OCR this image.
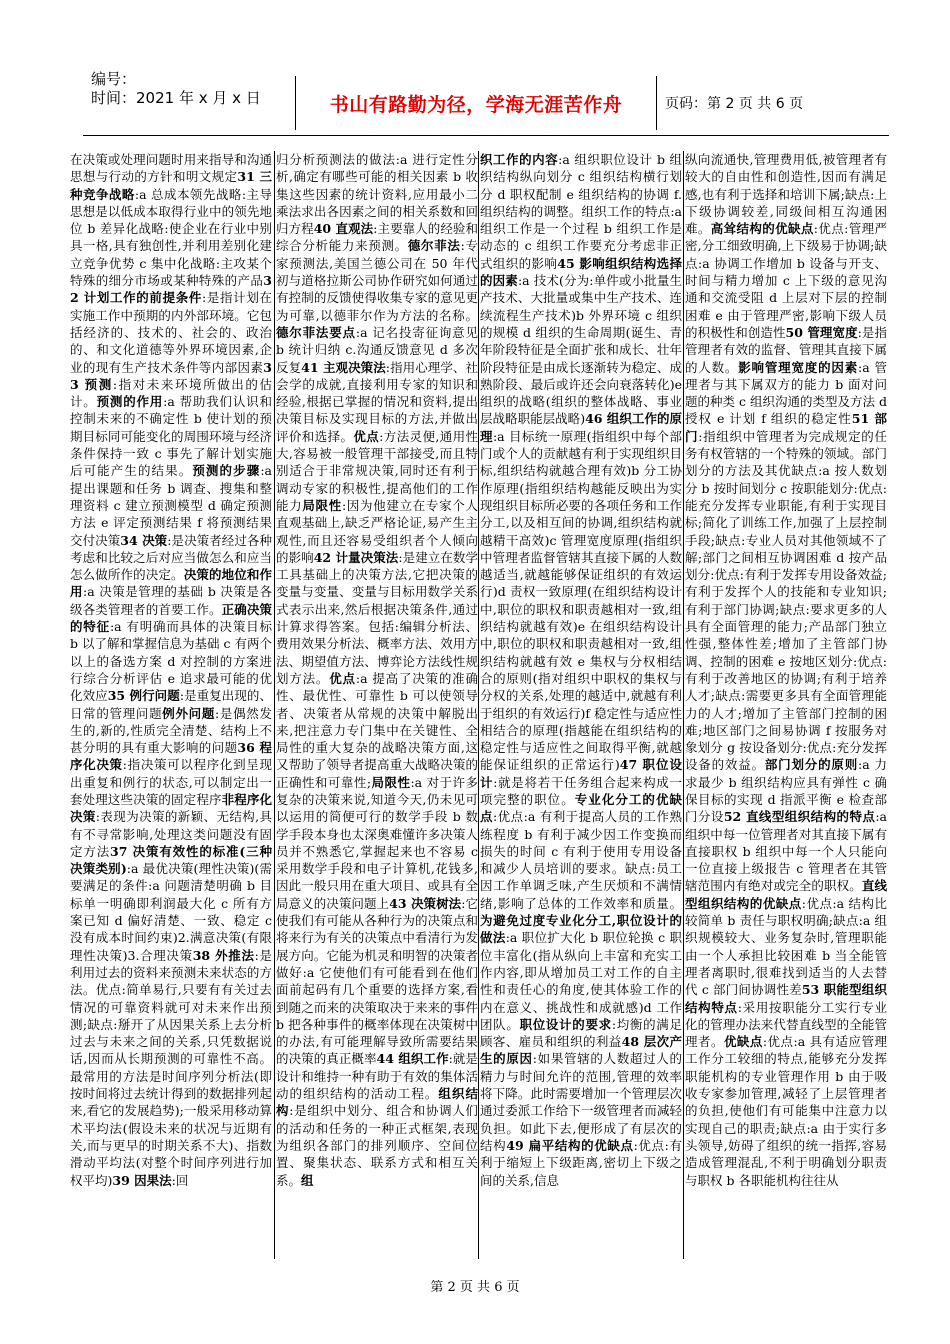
编号：
时间：2021 年 x 月 x 日	书山有路勤为径，学海无涯苦作舟	页码：第 2 页 共 6 页
在决策或处理问题时用来指导和沟通思想与行动的方针和明文规定31 三种竞争战略:a 总成本领先战略:主导思想是以低成本取得行业中的领先地位 b 差异化战略:使企业在行业中别具一格,具有独创性,并利用差别化建立竞争优势 c 集中化战略:主攻某个特殊的细分市场或某种特殊的产品32 计划工作的前提条件:是指计划在实施工作中预期的内外部环境。它包括经济的、技术的、社会的、政治的、和文化道德等外界环境因素,企业的现有生产技术条件等内部因素33 预测:指对未来环境所做出的估计。预测的作用:a 帮助我们认识和控制未来的不确定性 b 使计划的预期目标同可能变化的周围环境与经济条件保持一致 c 事先了解计划实施后可能产生的结果。预测的步骤:a 提出课题和任务 b 调查、搜集和整理资料 c 建立预测模型 d 确定预测方法 e 评定预测结果 f 将预测结果交付决策34 决策:是决策者经过各种考虑和比较之后对应当做怎么和应当怎么做所作的决定。决策的地位和作用:a 决策是管理的基础 b 决策是各级各类管理者的首要工作。正确决策的特征:a 有明确而具体的决策目标 b 以了解和掌握信息为基础 c 有两个以上的备选方案 d 对控制的方案进行综合分析评估 e 追求最可能的优化效应35 例行问题:是重复出现的、日常的管理问题例外问题:是偶然发生的,新的,性质完全清楚、结构上不甚分明的具有重大影响的问题36 程序化决策:指决策可以程序化到呈现出重复和例行的状态,可以制定出一套处理这些决策的固定程序非程序化决策:表现为决策的新颖、无结构,具有不寻常影响,处理这类问题没有固定方法37 决策有效性的标准(三种决策类别):a 最优决策(理性决策)(需要满足的条件:a 问题清楚明确 b 目标单一明确即利润最大化 c 所有方案已知 d 偏好清楚、一致、稳定 c 没有成本时间约束)2.满意决策(有限理性决策)3.合理决策38 外推法:是利用过去的资料来预测未来状态的方法。优点:简单易行,只要有有关过去情况的可靠资料就可对未来作出预测;缺点:掰开了从因果关系上去分析过去与未来之间的关系,只凭数据说话,因而从长期预测的可靠性不高。最常用的方法是时间序列分析法(即按时间将过去统计得到的数据排列起来,看它的发展趋势);一般采用移动算术平均法(假设未来的状况与近期有关,而与更早的时期关系不大)、指数滑动平均法(对整个时间序列进行加权平均)39 因果法:回
归分析预测法的做法:a 进行定性分析,确定有哪些可能的相关因素 b 收集这些因素的统计资料,应用最小二乘法求出各因素之间的相关系数和回归方程40 直观法:主要靠人的经验和综合分析能力来预测。德尔菲法:专家预测法,美国兰德公司在 50 年代初与道格拉斯公司协作研究如何通过有控制的反馈使得收集专家的意见更为可靠,以德菲尔作为方法的名称。德尔菲法要点:a 记名投寄征询意见 b 统计归纳 c.沟通反馈意见 d 多次反复41 主观决策法:指用心理学、社会学的成就,直接利用专家的知识和经验,根据已掌握的情况和资料,提出决策目标及实现目标的方法,并做出评价和选择。优点:方法灵便,通用性大,容易被一般管理干部接受,而且特别适合于非常规决策,同时还有利于调动专家的积极性,提高他们的工作能力局限性:因为他建立在专家个人直观基础上,缺乏严格论证,易产生主观性,而且还容易受组织者个人倾向的影响42 计量决策法:是建立在数学工具基础上的决策方法,它把决策的变量与变量、变量与目标用数学关系式表示出来,然后根据决策条件,通过计算求得答案。包括:编辑分析法、费用效果分析法、概率方法、效用方法、期望值方法、博弈论方法线性规划方法。优点:a 提高了决策的准确性、最优性、可靠性 b 可以使领导者、决策者从常规的决策中解脱出来,把注意力专门集中在关键性、全局性的重大复杂的战略决策方面,这又帮助了领导者提高重大战略决策的正确性和可靠性;局限性:a 对于许多复杂的决策来说,知道今天,仍未见可以运用的简便可行的数学手段 b 数学手段本身也太深奥难懂许多决策人员并不熟悉它,掌握起来也不容易 c 采用数学手段和电子计算机,花钱多,因此一般只用在重大项目、或具有全局意义的决策问题上43 决策树法:它使我们有可能从各种行为的决策点和将来行为有关的决策点中看清行为发展方向。它能为机灵和明智的决策者做好:a 它使他们有可能看到在他们面前起码有几个重要的选择方案,看到随之而来的决策取决于来来的事件 b 把各种事件的概率体现在决策树中的办法,有可能理解导致所需要结果的决策的真正概率44 组织工作:就是设计和维持一种有助于有效的集体活动的组织结构的活动工程。组织结构:是组织中划分、组合和协调人们的活动和任务的一种正式框架,表现为组织各部门的排列顺序、空间位置、聚集状态、联系方式和相互关系。组
织工作的内容:a 组织职位设计 b 组织结构纵向划分 c 组织结构横行划分 d 职权配制 e 组织结构的协调 f.组织结构的调整。组织工作的特点:a 组织工作是一个过程 b 组织工作是动态的 c 组织工作要充分考虑非正式组织的影响45 影响组织结构选择的因素:a 技术(分为:单件或小批量生产技术、大批量或集中生产技术、连续流程生产技术)b 外界环境 c 组织的规模 d 组织的生命周期(诞生、青年阶段特征是全面扩张和成长、壮年阶段特征是由成长逐渐转为稳定、成熟阶段、最后或许还会向衰落转化)e 组织的战略(组织的整体战略、事业层战略职能层战略)46 组织工作的原理:a 目标统一原理(指组织中每个部门或个人的贡献越有利于实现组织目标,组织结构就越合理有效)b 分工协作原理(指组织结构越能反映出为实现组织目标所必要的各项任务和工作分工,以及相互间的协调,组织结构就越精干高效)c 管理宽度原理(指组织中管理者监督管辖其直接下属的人数越适当,就越能够保证组织的有效运行)d 责权一致原理(在组织结构设计中,职位的职权和职责越相对一致,组织结构就越有效)e 在组织结构设计中,职位的职权和职责越相对一致,组织结构就越有效 e 集权与分权相结合的原则(指对组织中职权的集权与分权的关系,处理的越适中,就越有利于组织的有效运行)f 稳定性与适应性相结合的原理(指越能在组织结构的稳定性与适应性之间取得平衡,就越能保证组织的正常运行)47 职位设计:就是将若干任务组合起来构成一项完整的职位。专业化分工的优缺点:优点:a 有利于提高人员的工作熟练程度 b 有利于减少因工作变换而损失的时间 c 有利于使用专用设备和减少人员培训的要求。缺点:员工因工作单调乏味,产生厌烦和不满情绪,影响了总体的工作效率和质量。为避免过度专业化分工,职位设计的做法:a 职位扩大化 b 职位轮换 c 职位丰富化(指从纵向上丰富和充实工作内容,即从增加员工对工作的自主性和责任心的角度,使其体验工作的内在意义、挑战性和成就感)d 工作团队。职位设计的要求:均衡的满足顾客、雇员和组织的利益48 层次产生的原因:如果管辖的人数超过人的精力与时间允许的范围,管理的效率将下降。此时需要增加一个管理层次通过委派工作给下一级管理者而减轻负担。如此下去,便形成了有层次的结构49 扁平结构的优缺点:优点:有利于缩短上下级距离,密切上下级之间的关系,信息
纵向流通快,管理费用低,被管理者有较大的自由性和创造性,因而有满足感,也有利于选择和培训下属;缺点:上下级协调较差,同级间相互沟通困难。高耸结构的优缺点:优点:管理严密,分工细致明确,上下级易于协调;缺点:a 协调工作增加 b 设备与开支、时间与精力增加 c 上下级的意见沟通和交流受阻 d 上层对下层的控制困难 e 由于管理严密,影响下级人员的积极性和创造性50 管理宽度:是指管理者有效的监督、管理其直接下属的人数。影响管理宽度的因素:a 管理者与其下属双方的能力 b 面对问题的种类 c 组织沟通的类型及方法 d 授权 e 计划 f 组织的稳定性51 部门:指组织中管理者为完成规定的任务有权管辖的一个特殊的领域。部门划分的方法及其优缺点:a 按人数划分 b 按时间划分 c 按职能划分:优点:能充分发挥专业职能,有利于实现目标;简化了训练工作,加强了上层控制手段;缺点:专业人员对其他领域不了解;部门之间相互协调困难 d 按产品划分:优点:有利于发挥专用设备效益;有利于发挥个人的技能和专业知识;有利于部门协调;缺点:要求更多的人具有全面管理的能力;产品部门独立性强,整体性差;增加了主管部门协调、控制的困难 e 按地区划分:优点:有利于改善地区的协调;有利于培养人才;缺点:需要更多具有全面管理能力的人才;增加了主管部门控制的困难;地区部门之间易协调 f 按服务对象划分 g 按设备划分:优点:充分发挥设备的效益。部门划分的原则:a 力求最少 b 组织结构应具有弹性 c 确保目标的实现 d 指派平衡 e 检查部门分设52 直线型组织结构的特点:a 组织中每一位管理者对其直接下属有直接职权 b 组织中每一个人只能向一位直接上级报告 c 管理者在其管辖范围内有绝对或完全的职权。直线型组织结构的优缺点:优点:a 结构比较简单 b 责任与职权明确;缺点:a 组织规模较大、业务复杂时,管理职能由一个人承担比较困难 b 当全能管理者离职时,很难找到适当的人去替代 c 部门间协调性差53 职能型组织结构特点:采用按职能分工实行专业化的管理办法来代替直线型的全能管理者。优缺点:优点:a 具有适应管理工作分工较细的特点,能够充分发挥职能机构的专业管理作用 b 由于吸收专家参加管理,减轻了上层管理者的负担,使他们有可能集中注意力以实现自己的职责;缺点:a 由于实行多头领导,妨碍了组织的统一指挥,容易造成管理混乱,不利于明确划分职责与职权 b 各职能机构往往从
第 2 页 共 6 页
